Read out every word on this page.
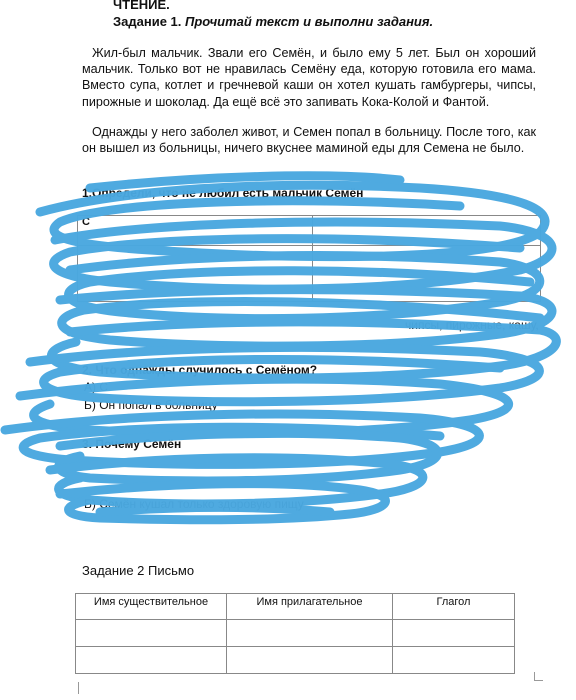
ЧТЕНИЕ.
Задание 1. Прочитай текст и выполни задания.

Жил-был мальчик. Звали его Семён, и было ему 5 лет. Был он хороший мальчик. Только вот не нравилась Семёну еда, которую готовила его мама. Вместо супа, котлет и гречневой каши он хотел кушать гамбургеры, чипсы, пирожные и шоколад. Да ещё всё это запивать Кока-Колой и Фантой.

Однажды у него заболел живот, и Семен попал в больницу. После того, как он вышел из больницы, ничего вкуснее маминой еды для Семена не было.

1.Определи, что не любил есть мальчик Семён
С	

чипсы, пирожные, кашу,
2. Что однажды случилось с Семёном?
А) С
Б) Он попал в больницу
3. Почему Семён
Б) Семён кушал только здоровую пищу
Задание 2 Письмо
Имя существительное	Имя прилагательное	Глагол
